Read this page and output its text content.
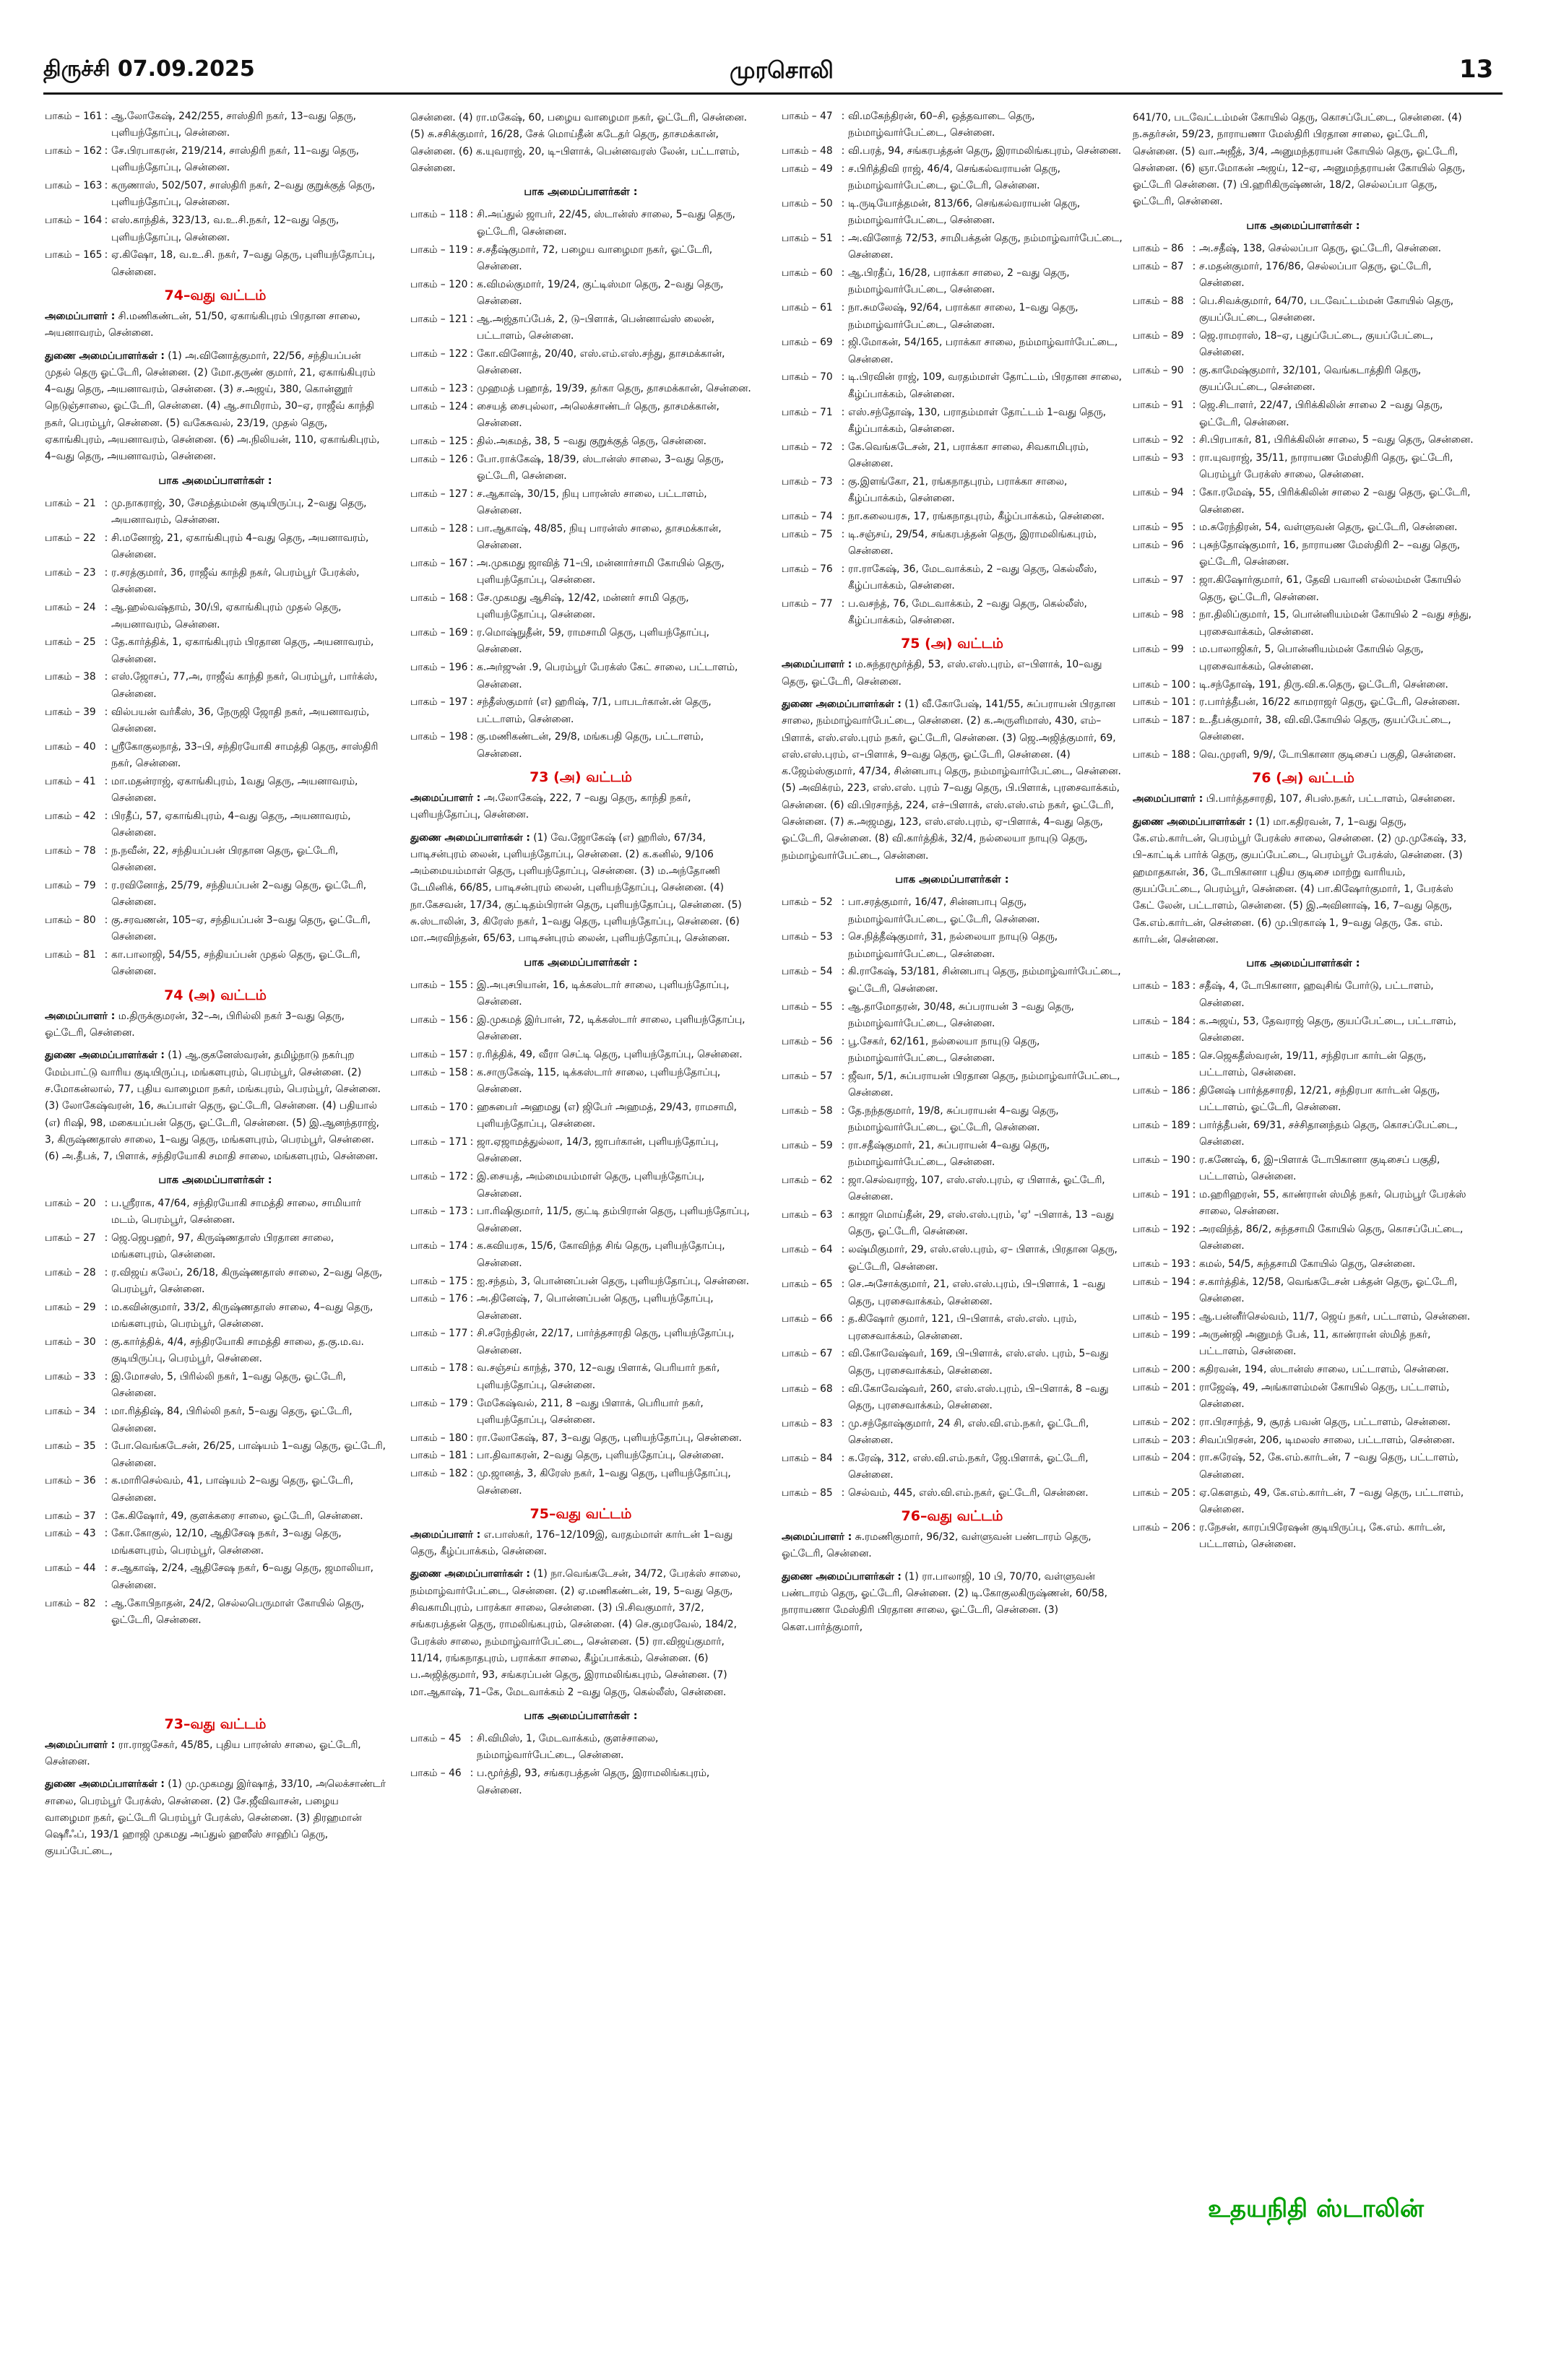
திருச்சி 07.09.2025	முரசொலி	13
பாகம் – 161 : ஆ.லோகேஷ், 242/255, சாஸ்திரி நகர், 13–வது தெரு, புளியந்தோப்பு, சென்னை.
பாகம் – 162 : சே.பிரபாகரன், 219/214, சாஸ்திரி நகர், 11–வது தெரு, புளியந்தோப்பு, சென்னை.
பாகம் – 163 : கருணாஸ், 502/507, சாஸ்திரி நகர், 2–வது குறுக்குத் தெரு, புளியந்தோப்பு, சென்னை.
பாகம் – 164 : எஸ்.காந்திக், 323/13, வ.உ.சி.நகர், 12–வது தெரு, புளியந்தோப்பு, சென்னை.
பாகம் – 165 : ஏ.கிஷோ, 18, வ.உ.சி. நகர், 7–வது தெரு, புளியந்தோப்பு, சென்னை.
74–வது வட்டம்
அமைப்பாளர் : சி.மணிகண்டன், 51/50, ஏகாங்கிபுரம் பிரதான சாலை, அயனாவரம், சென்னை.
துணை அமைப்பாளர்கள் : (1) அ.வினோத்குமார், 22/56, சந்தியப்பன் முதல் தெரு ஓட்டேரி, சென்னை. (2) மோ.தருண் குமார், 21, ஏகாங்கிபுரம் 4–வது தெரு, அயனாவரம், சென்னை. (3) ச.அஜய், 380, கொன்னூர் நெடுஞ்சாலை, ஓட்டேரி, சென்னை. (4) ஆ.சாமிராம், 30–ஏ, ராஜீவ் காந்தி நகர், பெரம்பூர், சென்னை. (5) வகேசுவல், 23/19, முதல் தெரு, ஏகாங்கிபுரம், அயனாவரம், சென்னை. (6) அ.நிலியன், 110, ஏகாங்கிபுரம், 4–வது தெரு, அயனாவரம், சென்னை.
பாக அமைப்பாளர்கள் :
பாகம் – 21 : மு.நாகராஜ், 30, சேமத்தம்மன் குடியிருப்பு, 2–வது தெரு, அயனாவரம், சென்னை.
பாகம் – 22 : சி.மனோஜ், 21, ஏகாங்கிபுரம் 4–வது தெரு, அயனாவரம், சென்னை.
பாகம் – 23 : ர.சரத்குமார், 36, ராஜீவ் காந்தி நகர், பெரம்பூர் பேரக்ஸ், சென்னை.
பாகம் – 24 : ஆ.ஹல்வஷ்தாம், 30/பி, ஏகாங்கிபுரம் முதல் தெரு, அயனாவரம், சென்னை.
பாகம் – 25 : தே.கார்த்திக், 1, ஏகாங்கிபுரம் பிரதான தெரு, அயனாவரம், சென்னை.
பாகம் – 38 : எஸ்.ஜோசப், 77,அ, ராஜீவ் காந்தி நகர், பெரம்பூர், பார்க்ஸ், சென்னை.
பாகம் – 39 : வில்பயன் வர்கீஸ், 36, நேருஜி ஜோதி நகர், அயனாவரம், சென்னை.
பாகம் – 40 : ஸ்ரீகோகுலநாத், 33–பி, சந்திரயோகி சாமத்தி தெரு, சாஸ்திரி நகர், சென்னை.
பாகம் – 41 : மா.மதன்ராஜ், ஏகாங்கிபுரம், 1வது தெரு, அயனாவரம், சென்னை.
பாகம் – 42 : பிரதீப், 57, ஏகாங்கிபுரம், 4–வது தெரு, அயனாவரம், சென்னை.
பாகம் – 78 : ந.நவீன், 22, சந்தியப்பன் பிரதான தெரு, ஓட்டேரி, சென்னை.
பாகம் – 79 : ர.ரவினோத், 25/79, சந்தியப்பன் 2–வது தெரு, ஓட்டேரி, சென்னை.
பாகம் – 80 : கு.சரவணன், 105–ஏ, சந்தியப்பன் 3–வது தெரு, ஓட்டேரி, சென்னை.
பாகம் – 81 : கா.பாலாஜி, 54/55, சந்தியப்பன் முதல் தெரு, ஓட்டேரி, சென்னை.
74 (அ) வட்டம்
அமைப்பாளர் : ம.திருக்குமரன், 32–அ, பிரில்லி நகர் 3–வது தெரு, ஓட்டேரி, சென்னை.
துணை அமைப்பாளர்கள் : (1) ஆ.குகனேஸ்வரன், தமிழ்நாடு நகர்புற மேம்பாட்டு வாரிய குடியிருப்பு, மங்களபுரம், பெரம்பூர், சென்னை. (2) ச.மோகன்லால், 77, புதிய வாழைமா நகர், மங்கபுரம், பெரம்பூர், சென்னை. (3) லோகேஷ்வரன், 16, கூப்பாள் தெரு, ஓட்டேரி, சென்னை. (4) பதியால் (எ) ரிஷி, 98, மகையப்பன் தெரு, ஓட்டேரி, சென்னை. (5) இ.ஆனந்தராஜ், 3, கிருஷ்ணதாஸ் சாலை, 1–வது தெரு, மங்களபுரம், பெரம்பூர், சென்னை. (6) அ.தீபக், 7, பிளாக், சந்திரயோகி சமாதி சாலை, மங்களபுரம், சென்னை.
பாக அமைப்பாளர்கள் :
பாகம் – 20 : ப.ஸ்ரீராக, 47/64, சந்திரயோகி சாமத்தி சாலை, சாமியார் மடம், பெரம்பூர், சென்னை.
பாகம் – 27 : ஜெ.ஜெபஹர், 97, கிருஷ்ணதாஸ் பிரதான சாலை, மங்களபுரம், சென்னை.
பாகம் – 28 : ர.விஜய் கலேப், 26/18, கிருஷ்ணதாஸ் சாலை, 2–வது தெரு, பெரம்பூர், சென்னை.
பாகம் – 29 : ம.கவின்குமார், 33/2, கிருஷ்ணதாஸ் சாலை, 4–வது தெரு, மங்களபுரம், பெரம்பூர், சென்னை.
பாகம் – 30 : கு.கார்த்திக், 4/4, சந்திரயோகி சாமத்தி சாலை, த.கு.ம.வ. குடியிருப்பு, பெரம்பூர், சென்னை.
பாகம் – 33 : இ.மோசஸ், 5, பிரில்லி நகர், 1–வது தெரு, ஓட்டேரி, சென்னை.
பாகம் – 34 : மா.ரித்திஷ், 84, பிரில்லி நகர், 5–வது தெரு, ஓட்டேரி, சென்னை.
பாகம் – 35 : போ.வெங்கடேசன், 26/25, பாஷ்யம் 1–வது தெரு, ஓட்டேரி, சென்னை.
பாகம் – 36 : க.மாரிசெல்வம், 41, பாஷ்யம் 2–வது தெரு, ஓட்டேரி, சென்னை.
பாகம் – 37 : கே.கிஷோர், 49, குளக்கரை சாலை, ஓட்டேரி, சென்னை.
பாகம் – 43 : கோ.கோகுல், 12/10, ஆதிசேஷ நகர், 3–வது தெரு, மங்களபுரம், பெரம்பூர், சென்னை.
பாகம் – 44 : ச.ஆகாஷ், 2/24, ஆதிசேஷ நகர், 6–வது தெரு, ஜமாலியா, சென்னை.
பாகம் – 82 : ஆ.கோபிநாதன், 24/2, செல்லபெருமாள் கோயில் தெரு, ஓட்டேரி, சென்னை.
73–வது வட்டம்
அமைப்பாளர் : ரா.ராஜசேகர், 45/85, புதிய பாரன்ஸ் சாலை, ஓட்டேரி, சென்னை.
துணை அமைப்பாளர்கள் : (1) மு.முகமது இர்ஷாத், 33/10, அலெக்சாண்டர் சாலை, பெரம்பூர் பேரக்ஸ், சென்னை. (2) சே.ஜீவிவாசன், பழைய வாழைமா நகர், ஓட்டேரி பெரம்பூர் பேரக்ஸ், சென்னை. (3) திரஹமான் ஷெரீஃப், 193/1 ஹாஜி முகமது அப்துல் ஹஸீஸ் சாஹிப் தெரு, குயப்பேட்டை,
சென்னை. (4) ரா.மகேஷ், 60, பழைய வாழைமா நகர், ஓட்டேரி, சென்னை. (5) சு.சசிக்குமார், 16/28, சேக் மொய்தீன் கடேதர் தெரு, தாசமக்கான், சென்னை. (6) க.யுவராஜ், 20, டி–பிளாக், பென்னவரஸ் லேன், பட்டாளம், சென்னை.
பாக அமைப்பாளர்கள் :
பாகம் – 118 : சி.அப்துல் ஜாபர், 22/45, ஸ்டான்ஸ் சாலை, 5–வது தெரு, ஓட்டேரி, சென்னை.
பாகம் – 119 : ச.சதீஷ்குமார், 72, பழைய வாழைமா நகர், ஓட்டேரி, சென்னை.
பாகம் – 120 : க.விமல்குமார், 19/24, குட்டிஸ்மா தெரு, 2–வது தெரு, சென்னை.
பாகம் – 121 : ஆ.அஜ்தாப்பேக், 2, டு–பிளாக், பென்னாவ்ஸ் லைன், பட்டாளம், சென்னை.
பாகம் – 122 : கோ.வினோத், 20/40, எஸ்.எம்.எஸ்.சந்து, தாசமக்கான், சென்னை.
பாகம் – 123 : முஹமத் பஹாத், 19/39, தர்கா தெரு, தாசமக்கான், சென்னை.
பாகம் – 124 : சையத் சைபுல்லா, அலெக்சாண்டர் தெரு, தாசமக்கான், சென்னை.
பாகம் – 125 : தில்.அகமத், 38, 5 –வது குறுக்குத் தெரு, சென்னை.
பாகம் – 126 : போ.ராக்கேஷ், 18/39, ஸ்டான்ஸ் சாலை, 3–வது தெரு, ஓட்டேரி, சென்னை.
பாகம் – 127 : ச.ஆகாஷ், 30/15, நியு பாரன்ஸ் சாலை, பட்டாளம், சென்னை.
பாகம் – 128 : பா.ஆகாஷ், 48/85, நியு பாரன்ஸ் சாலை, தாசமக்கான், சென்னை.
பாகம் – 167 : அ.முகமது ஜாவித் 71–பி, மன்னார்சாமி கோயில் தெரு, புளியந்தோப்பு, சென்னை.
பாகம் – 168 : சே.முகமது ஆசிஷ், 12/42, மன்னர் சாமி தெரு, புளியந்தோப்பு, சென்னை.
பாகம் – 169 : ர.மொஷ்நுதீன், 59, ராமசாமி தெரு, புளியந்தோப்பு, சென்னை.
பாகம் – 196 : க.அர்ஜுன் .9, பெரம்பூர் பேரக்ஸ் கேட் சாலை, பட்டாளம், சென்னை.
பாகம் – 197 : சந்தீஸ்குமார் (எ) ஹரிஷ், 7/1, பாபடர்கான்.ன் தெரு, பட்டாளம், சென்னை.
பாகம் – 198 : கு.மணிகண்டன், 29/8, மங்கபதி தெரு, பட்டாளம், சென்னை.
73 (அ) வட்டம்
அமைப்பாளர் : அ.லோகேஷ், 222, 7 –வது தெரு, காந்தி நகர், புளியந்தோப்பு, சென்னை.
துணை அமைப்பாளர்கள் : (1) வே.ஜோகேஷ் (எ) ஹரிஸ், 67/34, பாடிசன்புரம் லைன், புளியந்தோப்பு, சென்னை. (2) க.கனில், 9/106 அம்மையம்மாள் தெரு, புளியந்தோப்பு, சென்னை. (3) ம.அந்தோணி டேமினிக், 66/85, பாடிசன்புரம் லைன், புளியந்தோப்பு, சென்னை. (4) நா.கேசவன், 17/34, குட்டிதம்பிரான் தெரு, புளியந்தோப்பு, சென்னை. (5) சு.ஸ்டாலின், 3, கிரேஸ் நகர், 1–வது தெரு, புளியந்தோப்பு, சென்னை. (6) மா.அரவிந்தன், 65/63, பாடிசன்புரம் லைன், புளியந்தோப்பு, சென்னை.
பாக அமைப்பாளர்கள் :
பாகம் – 155 : இ.அபுசபியான், 16, டிக்கஸ்டார் சாலை, புளியந்தோப்பு, சென்னை.
பாகம் – 156 : இ.முகமத் இர்பான், 72, டிக்கஸ்டார் சாலை, புளியந்தோப்பு, சென்னை.
பாகம் – 157 : ர.ரித்திக், 49, வீரா செட்டி தெரு, புளியந்தோப்பு, சென்னை.
பாகம் – 158 : க.சாருகேஷ், 115, டிக்கஸ்டார் சாலை, புளியந்தோப்பு, சென்னை.
பாகம் – 170 : ஹசுபைர் அஹமது (எ) ஜிபேர் அஹமத், 29/43, ராமசாமி, புளியந்தோப்பு, சென்னை.
பாகம் – 171 : ஜா.ஏஜாமத்துல்லா, 14/3, ஜாபர்கான், புளியந்தோப்பு, சென்னை.
பாகம் – 172 : இ.சையத், அம்மையம்மாள் தெரு, புளியந்தோப்பு, சென்னை.
பாகம் – 173 : பா.ரிஷிகுமார், 11/5, குட்டி தம்பிரான் தெரு, புளியந்தோப்பு, சென்னை.
பாகம் – 174 : க.கவியரசு, 15/6, கோவிந்த சிங் தெரு, புளியந்தோப்பு, சென்னை.
பாகம் – 175 : ஐ.சந்தம், 3, பொன்னப்பன் தெரு, புளியந்தோப்பு, சென்னை.
பாகம் – 176 : அ.தினேஷ், 7, பொன்னப்பன் தெரு, புளியந்தோப்பு, சென்னை.
பாகம் – 177 : சி.சரேந்திரன், 22/17, பார்த்தசாரதி தெரு, புளியந்தோப்பு, சென்னை.
பாகம் – 178 : வ.சஞ்சய் காந்த், 370, 12–வது பிளாக், பெரியார் நகர், புளியந்தோப்பு, சென்னை.
பாகம் – 179 : மேகேஷ்வல், 211, 8 –வது பிளாக், பெரியார் நகர், புளியந்தோப்பு, சென்னை.
பாகம் – 180 : ரா.லோகேஷ், 87, 3–வது தெரு, புளியந்தோப்பு, சென்னை.
பாகம் – 181 : பா.திவாகரன், 2–வது தெரு, புளியந்தோப்பு, சென்னை.
பாகம் – 182 : மு.ஜானத், 3, கிரேஸ் நகர், 1–வது தெரு, புளியந்தோப்பு, சென்னை.
75–வது வட்டம்
அமைப்பாளர் : எ.பாஸ்கர், 176–12/109இ, வரதம்மாள் கார்டன் 1–வது தெரு, கீழ்ப்பாக்கம், சென்னை.
துணை அமைப்பாளர்கள் : (1) நா.வெங்கடேசன், 34/72, பேரக்ஸ் சாலை, நம்மாழ்வார்பேட்டை, சென்னை. (2) ஏ.மணிகண்டன், 19, 5–வது தெரு, சிவகாமிபுரம், பாரக்கா சாலை, சென்னை. (3) பி.சிவகுமார், 37/2, சங்கரபத்தன் தெரு, ராமலிங்கபுரம், சென்னை. (4) செ.குமரவேல், 184/2, பேரக்ஸ் சாலை, நம்மாழ்வார்பேட்டை, சென்னை. (5) ரா.விஜய்குமார், 11/14, ரங்கநாதபுரம், பராக்கா சாலை, கீழ்ப்பாக்கம், சென்னை. (6) ப.அஜித்குமார், 93, சங்கரப்பன் தெரு, இராமலிங்கபுரம், சென்னை. (7) மா.ஆகாஷ், 71–கே, மேடவாக்கம் 2 –வது தெரு, கெல்லீஸ், சென்னை.
பாக அமைப்பாளர்கள் :
பாகம் – 45 : சி.விமிஸ், 1, மேடவாக்கம், குளச்சாலை, நம்மாழ்வார்பேட்டை, சென்னை.
பாகம் – 46 : ப.மூர்த்தி, 93, சங்கரபத்தன் தெரு, இராமலிங்கபுரம், சென்னை.
பாகம் – 47 : வி.மகேந்திரன், 60–சி, ஒத்தவாடை தெரு, நம்மாழ்வார்பேட்டை, சென்னை.
பாகம் – 48 : வி.பரத், 94, சங்கரபத்தன் தெரு, இராமலிங்கபுரம், சென்னை.
பாகம் – 49 : ச.பிரித்திவி ராஜ், 46/4, செங்கல்வராயன் தெரு, நம்மாழ்வார்பேட்டை, ஓட்டேரி, சென்னை.
பாகம் – 50 : டி.ருடியோத்தமன், 813/66, செங்கல்வராயன் தெரு, நம்மாழ்வார்பேட்டை, சென்னை.
பாகம் – 51 : அ.வினோத் 72/53, சாமிபக்தன் தெரு, நம்மாழ்வார்பேட்டை, சென்னை.
பாகம் – 60 : ஆ.பிரதீப், 16/28, பராக்கா சாலை, 2 –வது தெரு, நம்மாழ்வார்பேட்டை, சென்னை.
பாகம் – 61 : நா.சுமலேஷ், 92/64, பராக்கா சாலை, 1–வது தெரு, நம்மாழ்வார்பேட்டை, சென்னை.
பாகம் – 69 : ஜி.மோகன், 54/165, பராக்கா சாலை, நம்மாழ்வார்பேட்டை, சென்னை.
பாகம் – 70 : டி.பிரவின் ராஜ், 109, வரதம்மாள் தோட்டம், பிரதான சாலை, கீழ்ப்பாக்கம், சென்னை.
பாகம் – 71 : எஸ்.சந்தோஷ், 130, பராதம்மாள் தோட்டம் 1–வது தெரு, கீழ்ப்பாக்கம், சென்னை.
பாகம் – 72 : கே.வெங்கடேசன், 21, பராக்கா சாலை, சிவகாமிபுரம், சென்னை.
பாகம் – 73 : கு.இளங்கோ, 21, ரங்கநாதபுரம், பராக்கா சாலை, கீழ்ப்பாக்கம், சென்னை.
பாகம் – 74 : நா.கலையரசு, 17, ரங்கநாதபுரம், கீழ்ப்பாக்கம், சென்னை.
பாகம் – 75 : டி.சஞ்சய், 29/54, சங்கரபத்தன் தெரு, இராமலிங்கபுரம், சென்னை.
பாகம் – 76 : ரா.ராகேஷ், 36, மேடவாக்கம், 2 –வது தெரு, கெல்லீஸ், கீழ்ப்பாக்கம், சென்னை.
பாகம் – 77 : ப.வசந்த், 76, மேடவாக்கம், 2 –வது தெரு, கெல்லீஸ், கீழ்ப்பாக்கம், சென்னை.
75 (அ) வட்டம்
அமைப்பாளர் : ம.சுந்தரமூர்த்தி, 53, எஸ்.எஸ்.புரம், எ–பிளாக், 10–வது தெரு, ஓட்டேரி, சென்னை.
துணை அமைப்பாளர்கள் : (1) வீ.கோபேஷ், 141/55, சுப்பராயன் பிரதான சாலை, நம்மாழ்வார்பேட்டை, சென்னை. (2) க.அருளிமாஸ், 430, எம்–பிளாக், எஸ்.எஸ்.புரம் நகர், ஓட்டேரி, சென்னை. (3) ஜெ.அஜித்குமார், 69, எஸ்.எஸ்.புரம், எ–பிளாக், 9–வது தெரு, ஓட்டேரி, சென்னை. (4) க.ஜேம்ஸ்குமார், 47/34, சின்னபாபு தெரு, நம்மாழ்வார்பேட்டை, சென்னை. (5) அவிக்ரம், 223, எஸ்.எஸ். புரம் 7–வது தெரு, பி.பிளாக், புரசைவாக்கம், சென்னை. (6) வி.பிரசாந்த், 224, எச்–பிளாக், எஸ்.எஸ்.எம் நகர், ஓட்டேரி, சென்னை. (7) சு.அஜமது, 123, எஸ்.எஸ்.புரம், ஏ–பிளாக், 4–வது தெரு, ஓட்டேரி, சென்னை. (8) வி.கார்த்திக், 32/4, நல்லையா நாயுடு தெரு, நம்மாழ்வார்பேட்டை, சென்னை.
பாக அமைப்பாளர்கள் :
பாகம் – 52 : பா.சரத்குமார், 16/47, சின்னபாபு தெரு, நம்மாழ்வார்பேட்டை, ஓட்டேரி, சென்னை.
பாகம் – 53 : செ.நித்தீஷ்குமார், 31, நல்லையா நாயுடு தெரு, நம்மாழ்வார்பேட்டை, சென்னை.
பாகம் – 54 : கி.ராகேஷ், 53/181, சின்னபாபு தெரு, நம்மாழ்வார்பேட்டை, ஓட்டேரி, சென்னை.
பாகம் – 55 : ஆ.தாமோதரன், 30/48, சுப்பராயன் 3 –வது தெரு, நம்மாழ்வார்பேட்டை, சென்னை.
பாகம் – 56 : பூ.சேகர், 62/161, நல்லையா நாயுடு தெரு, நம்மாழ்வார்பேட்டை, சென்னை.
பாகம் – 57 : ஜீவா, 5/1, சுப்பராயன் பிரதான தெரு, நம்மாழ்வார்பேட்டை, சென்னை.
பாகம் – 58 : தே.நந்தகுமார், 19/8, சுப்பராயன் 4–வது தெரு, நம்மாழ்வார்பேட்டை, ஓட்டேரி, சென்னை.
பாகம் – 59 : ரா.சதீஷ்குமார், 21, சுப்பராயன் 4–வது தெரு, நம்மாழ்வார்பேட்டை, சென்னை.
பாகம் – 62 : ஜா.செல்வராஜ், 107, எஸ்.எஸ்.புரம், ஏ பிளாக், ஓட்டேரி, சென்னை.
பாகம் – 63 : காஜா மொய்தீன், 29, எஸ்.எஸ்.புரம், 'ஏ' –பிளாக், 13 –வது தெரு, ஓட்டேரி, சென்னை.
பாகம் – 64 : லஷ்மிகுமார், 29, எஸ்.எஸ்.புரம், ஏ– பிளாக், பிரதான தெரு, ஓட்டேரி, சென்னை.
பாகம் – 65 : செ.அசோக்குமார், 21, எஸ்.எஸ்.புரம், பி–பிளாக், 1 –வது தெரு, புரசைவாக்கம், சென்னை.
பாகம் – 66 : த.கிஷோர் குமார், 121, பி–பிளாக், எஸ்.எஸ். புரம், புரசைவாக்கம், சென்னை.
பாகம் – 67 : வி.கோவேஷ்வர், 169, பி–பிளாக், எஸ்.எஸ். புரம், 5–வது தெரு, புரசைவாக்கம், சென்னை.
பாகம் – 68 : வி.கோவேஷ்வர், 260, எஸ்.எஸ்.புரம், பி–பிளாக், 8 –வது தெரு, புரசைவாக்கம், சென்னை.
பாகம் – 83 : மு.சந்தோஷ்குமார், 24 சி, எஸ்.வி.எம்.நகர், ஓட்டேரி, சென்னை.
பாகம் – 84 : க.ரேஷ், 312, எஸ்.வி.எம்.நகர், ஜே.பிளாக், ஓட்டேரி, சென்னை.
பாகம் – 85 : செல்வம், 445, எஸ்.வி.எம்.நகர், ஓட்டேரி, சென்னை.
76–வது வட்டம்
அமைப்பாளர் : சு.ரமணிகுமார், 96/32, வள்ளுவன் பண்டாரம் தெரு, ஓட்டேரி, சென்னை.
துணை அமைப்பாளர்கள் : (1) ரா.பாலாஜி, 10 பி, 70/70, வள்ளுவன் பண்டாரம் தெரு, ஓட்டேரி, சென்னை. (2) டி.கோகுலகிருஷ்ணன், 60/58, நாராயணா மேஸ்திரி பிரதான சாலை, ஓட்டேரி, சென்னை. (3) கௌ.பார்த்குமார்,
641/70, படவேட்டம்மன் கோயில் தெரு, கொசப்பேட்டை, சென்னை. (4) ந.சுதர்சன், 59/23, நாராயணா மேஸ்திரி பிரதான சாலை, ஓட்டேரி, சென்னை. (5) வா.அஜீத், 3/4, அனுமந்தராயன் கோயில் தெரு, ஓட்டேரி, சென்னை. (6) ஞா.மோகன் அஜய், 12–ஏ, அனுமந்தராயன் கோயில் தெரு, ஓட்டேரி சென்னை. (7) பி.ஹரிகிருஷ்ணன், 18/2, செல்லப்பா தெரு, ஓட்டேரி, சென்னை.
பாக அமைப்பாளர்கள் :
பாகம் – 86 : அ.சதீஷ், 138, செல்லப்பா தெரு, ஓட்டேரி, சென்னை.
பாகம் – 87 : ச.மதன்குமார், 176/86, செல்லப்பா தெரு, ஓட்டேரி, சென்னை.
பாகம் – 88 : பெ.சிவக்குமார், 64/70, படவேட்டம்மன் கோயில் தெரு, குயப்பேட்டை, சென்னை.
பாகம் – 89 : ஜெ.ராமராஸ், 18–ஏ, புதுப்பேட்டை, குயப்பேட்டை, சென்னை.
பாகம் – 90 : கு.காமேஷ்குமார், 32/101, வெங்கடாத்திரி தெரு, குயப்பேட்டை, சென்னை.
பாகம் – 91 : ஜெ.சிடாளர், 22/47, பிரிக்கிலின் சாலை 2 –வது தெரு, ஓட்டேரி, சென்னை.
பாகம் – 92 : சி.பிரபாகர், 81, பிரிக்கிலின் சாலை, 5 –வது தெரு, சென்னை.
பாகம் – 93 : ரா.யுவராஜ், 35/11, நாராயண மேஸ்திரி தெரு, ஓட்டேரி, பெரம்பூர் பேரக்ஸ் சாலை, சென்னை.
பாகம் – 94 : கோ.ரமேஷ், 55, பிரிக்கிலின் சாலை 2 –வது தெரு, ஓட்டேரி, சென்னை.
பாகம் – 95 : ம.சுரேந்திரன், 54, வள்ளுவன் தெரு, ஓட்டேரி, சென்னை.
பாகம் – 96 : புசுந்தோஷ்குமார், 16, நாராயண மேஸ்திரி 2– –வது தெரு, ஓட்டேரி, சென்னை.
பாகம் – 97 : ஜா.கிஷோர்குமார், 61, தேவி பவானி எல்லம்மன் கோயில் தெரு, ஓட்டேரி, சென்னை.
பாகம் – 98 : நா.திலிப்குமார், 15, பொன்னியம்மன் கோயில் 2 –வது சந்து, புரசைவாக்கம், சென்னை.
பாகம் – 99 : ம.பாலாஜிகர், 5, பொன்னியம்மன் கோயில் தெரு, புரசைவாக்கம், சென்னை.
பாகம் – 100 : டி.சந்தோஷ், 191, திரு.வி.க.தெரு, ஓட்டேரி, சென்னை.
பாகம் – 101 : ர.பார்த்தீபன், 16/22 காமராஜர் தெரு, ஓட்டேரி, சென்னை.
பாகம் – 187 : உ.தீபக்குமார், 38, வி.வி.கோயில் தெரு, குயப்பேட்டை, சென்னை.
பாகம் – 188 : வெ.முரளி, 9/9/, டோபிகானா குடிசைப் பகுதி, சென்னை.
76 (அ) வட்டம்
அமைப்பாளர் : பி.பார்த்தசாரதி, 107, சிபஸ்.நகர், பட்டாளம், சென்னை.
துணை அமைப்பாளர்கள் : (1) மா.கதிரவன், 7, 1–வது தெரு, கே.எம்.கார்டன், பெரம்பூர் பேரக்ஸ் சாலை, சென்னை. (2) மு.முகேஷ், 33, பி–காட்டிக் பார்க் தெரு, குயப்பேட்டை, பெரம்பூர் பேரக்ஸ், சென்னை. (3) ஹமாதகான், 36, டோபிகானா புதிய குடிசை மாற்று வாரியம், குயப்பேட்டை, பெரம்பூர், சென்னை. (4) பா.கிஷோர்குமார், 1, பேரக்ஸ் கேட் லேன், பட்டாளம், சென்னை. (5) இ.அவினாஷ், 16, 7–வது தெரு, கே.எம்.கார்டன், சென்னை. (6) மு.பிரகாஷ் 1, 9–வது தெரு, கே. எம். கார்டன், சென்னை.
பாக அமைப்பாளர்கள் :
பாகம் – 183 : சதீஷ், 4, டோபிகானா, ஹவுசிங் போர்டு, பட்டாளம், சென்னை.
பாகம் – 184 : க.அஜய், 53, தேவராஜ் தெரு, குயப்பேட்டை, பட்டாளம், சென்னை.
பாகம் – 185 : செ.ஜெகதீஸ்வரன், 19/11, சந்திரபா கார்டன் தெரு, பட்டாளம், சென்னை.
பாகம் – 186 : தினேஷ் பார்த்தசாரதி, 12/21, சந்திரபா கார்டன் தெரு, பட்டாளம், ஓட்டேரி, சென்னை.
பாகம் – 189 : பார்த்தீபன், 69/31, சச்சிதானந்தம் தெரு, கொசப்பேட்டை, சென்னை.
பாகம் – 190 : ர.கணேஷ், 6, இ–பிளாக் டோபிகானா குடிசைப் பகுதி, பட்டாளம், சென்னை.
பாகம் – 191 : ம.ஹரிஹரன், 55, காண்ரான் ஸ்மித் நகர், பெரம்பூர் பேரக்ஸ் சாலை, சென்னை.
பாகம் – 192 : அரவிந்த், 86/2, சுந்தசாமி கோயில் தெரு, கொசப்பேட்டை, சென்னை.
பாகம் – 193 : கமல், 54/5, சுந்தசாமி கோயில் தெரு, சென்னை.
பாகம் – 194 : ச.கார்த்திக், 12/58, வெங்கடேசன் பக்தன் தெரு, ஓட்டேரி, சென்னை.
பாகம் – 195 : ஆ.பன்னீர்செல்வம், 11/7, ஜெய் நகர், பட்டாளம், சென்னை.
பாகம் – 199 : அருண்ஜி அனுமந் பேக், 11, காண்ரான் ஸ்மித் நகர், பட்டாளம், சென்னை.
பாகம் – 200 : கதிரவன், 194, ஸ்டான்ஸ் சாலை, பட்டாளம், சென்னை.
பாகம் – 201 : ராஜேஷ், 49, அங்காளம்மன் கோயில் தெரு, பட்டாளம், சென்னை.
பாகம் – 202 : ரா.பிரசாந்த், 9, சூரத் பவன் தெரு, பட்டாளம், சென்னை.
பாகம் – 203 : சிவப்பிரசன், 206, டிமலஸ் சாலை, பட்டாளம், சென்னை.
பாகம் – 204 : ரா.சுரேஷ், 52, கே.எம்.கார்டன், 7 –வது தெரு, பட்டாளம், சென்னை.
பாகம் – 205 : ஏ.கௌதம், 49, கே.எம்.கார்டன், 7 –வது தெரு, பட்டாளம், சென்னை.
பாகம் – 206 : ர.நேசன், காரப்பிரேஷன் குடியிருப்பு, கே.எம். கார்டன், பட்டாளம், சென்னை.
உதயநிதி ஸ்டாலின்
